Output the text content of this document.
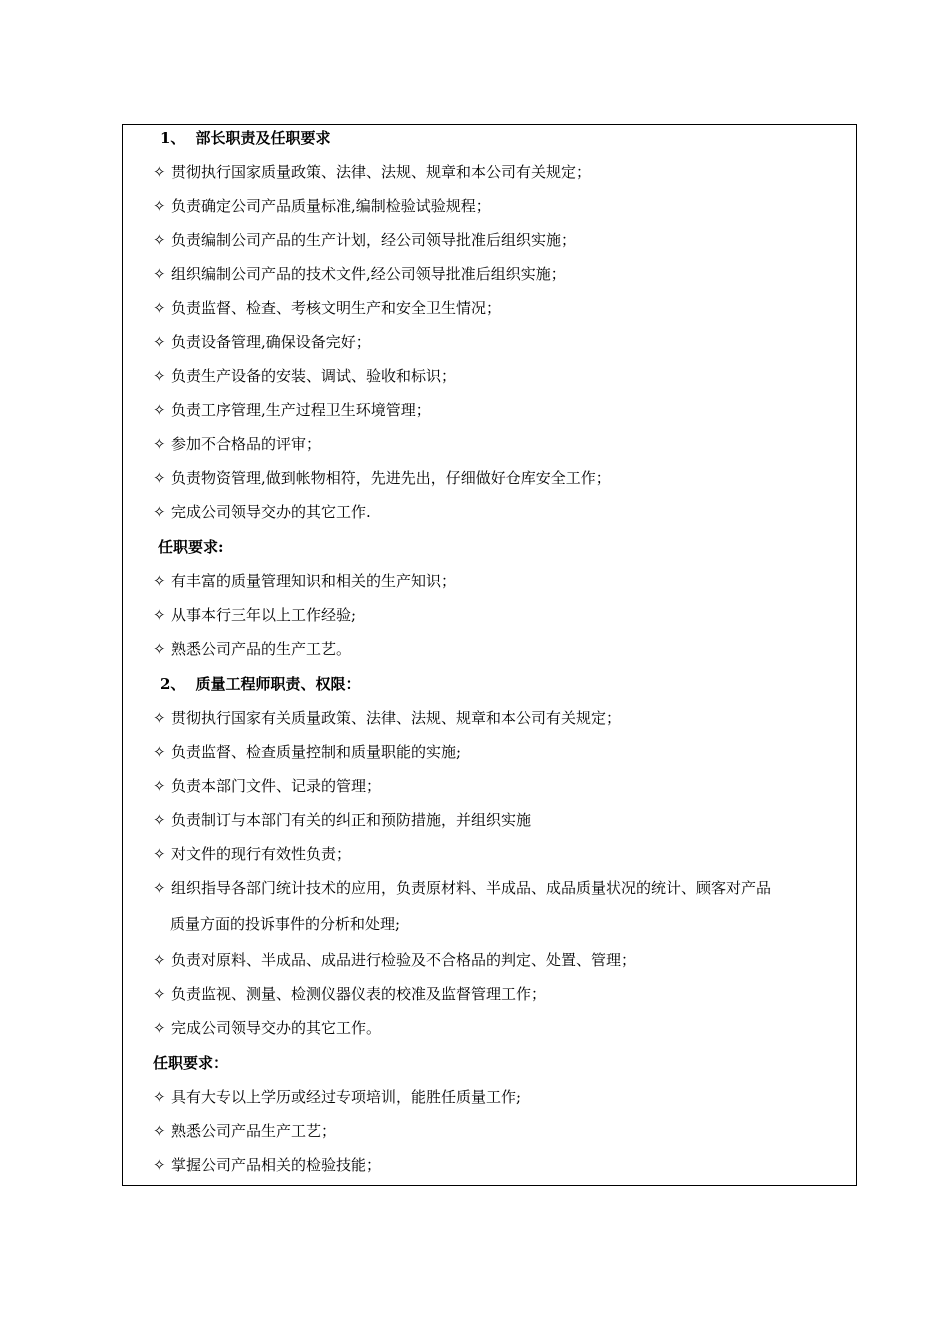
1、 部长职责及任职要求
✧ 贯彻执行国家质量政策、法律、法规、规章和本公司有关规定；
✧ 负责确定公司产品质量标准,编制检验试验规程；
✧ 负责编制公司产品的生产计划，经公司领导批准后组织实施；
✧ 组织编制公司产品的技术文件,经公司领导批准后组织实施；
✧ 负责监督、检查、考核文明生产和安全卫生情况；
✧ 负责设备管理,确保设备完好；
✧ 负责生产设备的安装、调试、验收和标识；
✧ 负责工序管理,生产过程卫生环境管理；
✧ 参加不合格品的评审；
✧ 负责物资管理,做到帐物相符，先进先出，仔细做好仓库安全工作；
✧ 完成公司领导交办的其它工作.
任职要求:
✧ 有丰富的质量管理知识和相关的生产知识；
✧ 从事本行三年以上工作经验;
✧ 熟悉公司产品的生产工艺。
2、 质量工程师职责、权限：
✧ 贯彻执行国家有关质量政策、法律、法规、规章和本公司有关规定；
✧ 负责监督、检查质量控制和质量职能的实施;
✧ 负责本部门文件、记录的管理；
✧ 负责制订与本部门有关的纠正和预防措施，并组织实施
✧ 对文件的现行有效性负责；
✧ 组织指导各部门统计技术的应用，负责原材料、半成品、成品质量状况的统计、顾客对产品
质量方面的投诉事件的分析和处理;
✧ 负责对原料、半成品、成品进行检验及不合格品的判定、处置、管理；
✧ 负责监视、测量、检测仪器仪表的校准及监督管理工作；
✧ 完成公司领导交办的其它工作。
任职要求：
✧ 具有大专以上学历或经过专项培训，能胜任质量工作;
✧ 熟悉公司产品生产工艺；
✧ 掌握公司产品相关的检验技能；
